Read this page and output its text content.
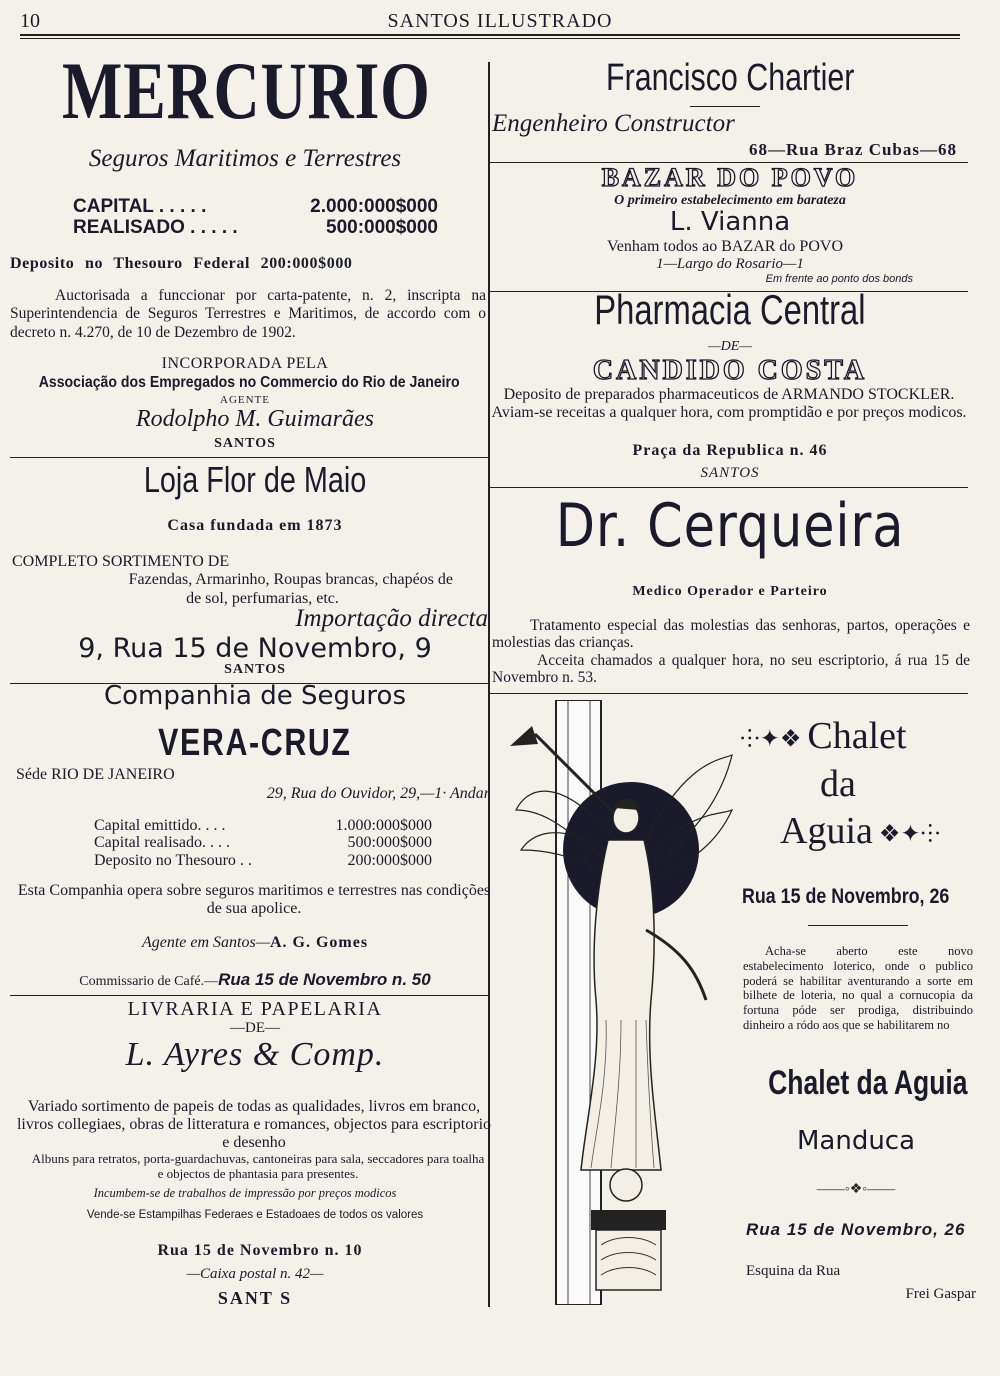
10	SANTOS ILLUSTRADO
MERCURIO
Seguros Maritimos e Terrestres
CAPITAL . . . . .	2.000:000$000
REALISADO . . . . .	500:000$000
Deposito no Thesouro Federal 200:000$000
Auctorisada a funccionar por carta-patente, n. 2, inscripta na Superintendencia de Seguros Terrestres e Maritimos, de accordo com o decreto n. 4.270, de 10 de Dezembro de 1902.
INCORPORADA PELA
Associação dos Empregados no Commercio do Rio de Janeiro
AGENTE
Rodolpho M. Guimarães
SANTOS
Loja Flor de Maio
Casa fundada em 1873
COMPLETO SORTIMENTO DE
Fazendas, Armarinho, Roupas brancas, chapéos de
de sol, perfumarias, etc.
Importação directa
9, Rua 15 de Novembro, 9
SANTOS
Companhia de Seguros
VERA-CRUZ
Séde RIO DE JANEIRO
29, Rua do Ouvidor, 29,—1· Andar
Capital emittido. . . .	1.000:000$000
Capital realisado. . . .	500:000$000
Deposito no Thesouro . .	200:000$000
Esta Companhia opera sobre seguros maritimos e terrestres nas condições de sua apolice.
Agente em Santos—A. G. Gomes
Commissario de Café.—Rua 15 de Novembro n. 50
LIVRARIA E PAPELARIA
—DE—
L. Ayres & Comp.
Variado sortimento de papeis de todas as qualidades, livros em branco, livros collegiaes, obras de litteratura e romances, objectos para escriptorio e desenho
Albuns para retratos, porta-guardachuvas, cantoneiras para sala, seccadores para toalha e objectos de phantasia para presentes.
Incumbem-se de trabalhos de impressão por preços modicos
Vende-se Estampilhas Federaes e Estadoaes de todos os valores
Rua 15 de Novembro n. 10
—Caixa postal n. 42—
SANT S
Francisco Chartier
Engenheiro Constructor
68—Rua Braz Cubas—68
BAZAR DO POVO
O primeiro estabelecimento em barateza
L. Vianna
Venham todos ao BAZAR do POVO
1—Largo do Rosario—1
Em frente ao ponto dos bonds
Pharmacia Central
—DE—
CANDIDO COSTA
Deposito de preparados pharmaceuticos de ARMANDO STOCKLER. Aviam-se receitas a qualquer hora, com promptidão e por preços modicos.
Praça da Republica n. 46
SANTOS
Dr. Cerqueira
Medico Operador e Parteiro
Tratamento especial das molestias das senhoras, partos, operações e molestias das crianças.
Acceita chamados a qualquer hora, no seu escriptorio, á rua 15 de Novembro n. 53.
⸭✦❖ Chalet
da
Aguia ❖✦⸭
Rua 15 de Novembro, 26
Acha-se aberto este novo estabelecimento loterico, onde o publico poderá se habilitar aventurando a sorte em bilhete de loteria, no qual a cornucopia da fortuna póde ser prodiga, distribuindo dinheiro a ródo aos que se habilitarem no
Chalet da Aguia
Manduca
——◦❖◦——
Rua 15 de Novembro, 26
Esquina da Rua
Frei Gaspar
